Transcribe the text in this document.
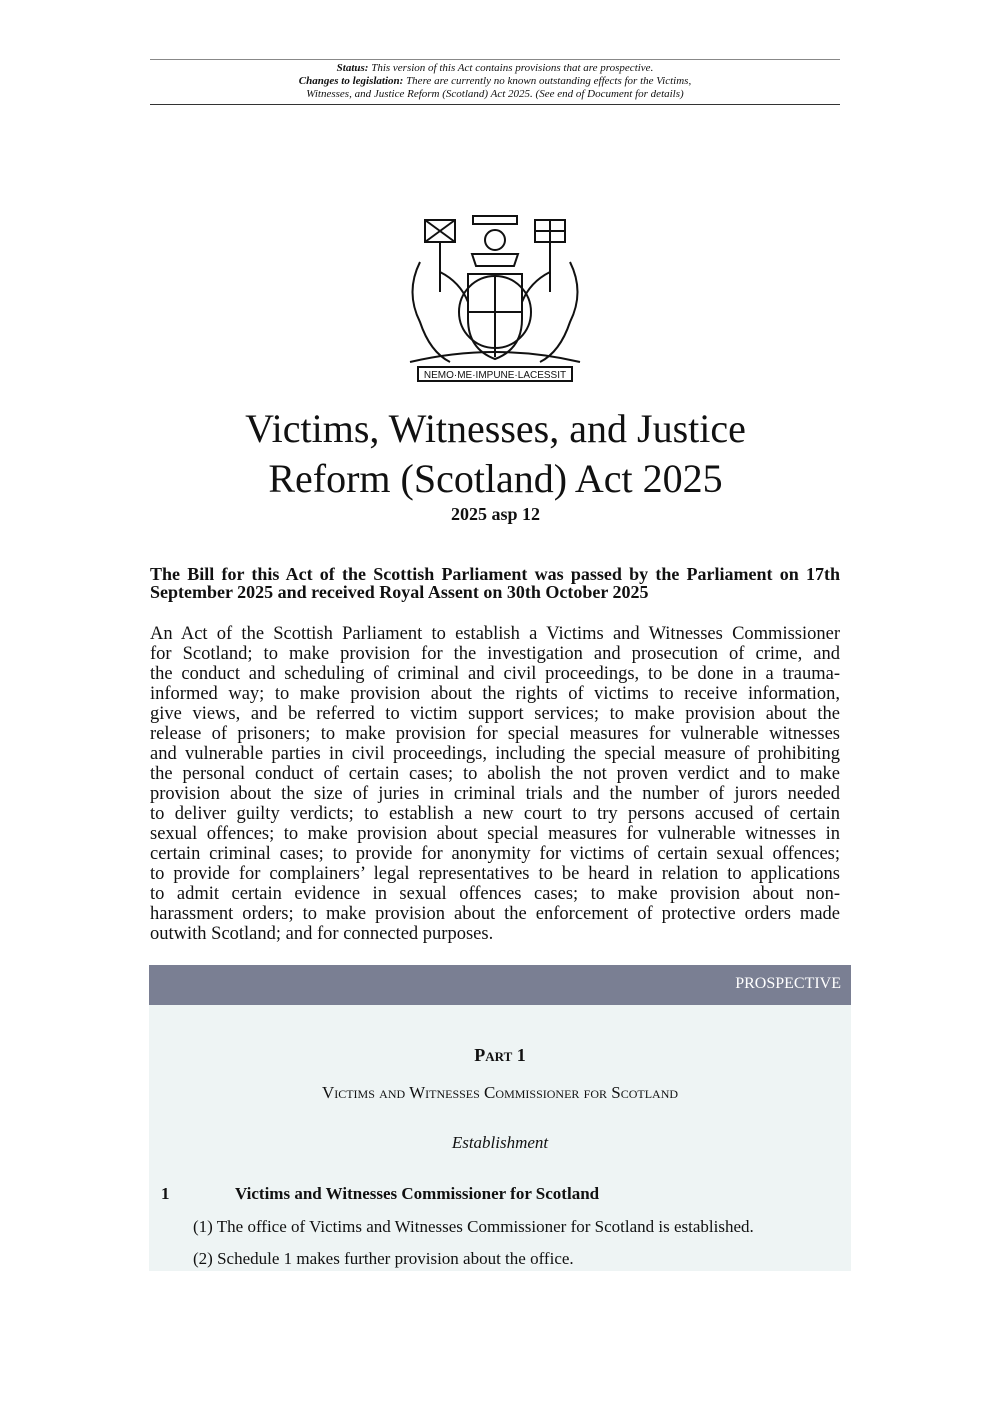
Status: This version of this Act contains provisions that are prospective.
Changes to legislation: There are currently no known outstanding effects for the Victims,
Witnesses, and Justice Reform (Scotland) Act 2025. (See end of Document for details)
NEMO·ME·IMPUNE·LACESSIT
Victims, Witnesses, and Justice
Reform (Scotland) Act 2025
2025 asp 12
The Bill for this Act of the Scottish Parliament was passed by the Parliament on 17th September 2025 and received Royal Assent on 30th October 2025
An Act of the Scottish Parliament to establish a Victims and Witnesses Commissioner
for Scotland; to make provision for the investigation and prosecution of crime, and
the conduct and scheduling of criminal and civil proceedings, to be done in a trauma-
informed way; to make provision about the rights of victims to receive information,
give views, and be referred to victim support services; to make provision about the
release of prisoners; to make provision for special measures for vulnerable witnesses
and vulnerable parties in civil proceedings, including the special measure of prohibiting
the personal conduct of certain cases; to abolish the not proven verdict and to make
provision about the size of juries in criminal trials and the number of jurors needed
to deliver guilty verdicts; to establish a new court to try persons accused of certain
sexual offences; to make provision about special measures for vulnerable witnesses in
certain criminal cases; to provide for anonymity for victims of certain sexual offences;
to provide for complainers’ legal representatives to be heard in relation to applications
to admit certain evidence in sexual offences cases; to make provision about non-
harassment orders; to make provision about the enforcement of protective orders made
outwith Scotland; and for connected purposes.
PROSPECTIVE
Part 1
Victims and Witnesses Commissioner for Scotland
Establishment
1	Victims and Witnesses Commissioner for Scotland
(1) The office of Victims and Witnesses Commissioner for Scotland is established.
(2) Schedule 1 makes further provision about the office.
